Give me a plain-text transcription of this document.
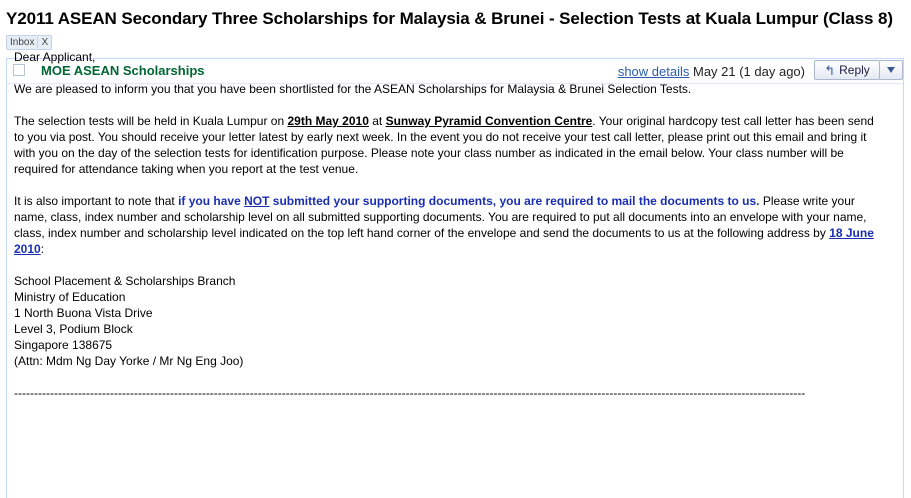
Y2011 ASEAN Secondary Three Scholarships for Malaysia & Brunei - Selection Tests at Kuala Lumpur (Class 8)
Inbox X
MOE ASEAN Scholarships	show details May 21 (1 day ago) ↰ Reply

Dear Applicant,

We are pleased to inform you that you have been shortlisted for the ASEAN Scholarships for Malaysia & Brunei Selection Tests.

The selection tests will be held in Kuala Lumpur on 29th May 2010 at Sunway Pyramid Convention Centre. Your original hardcopy test call letter has been send to you via post. You should receive your letter latest by early next week. In the event you do not receive your test call letter, please print out this email and bring it with you on the day of the selection tests for identification purpose. Please note your class number as indicated in the email below. Your class number will be required for attendance taking when you report at the test venue.

It is also important to note that if you have NOT submitted your supporting documents, you are required to mail the documents to us. Please write your name, class, index number and scholarship level on all submitted supporting documents. You are required to put all documents into an envelope with your name, class, index number and scholarship level indicated on the top left hand corner of the envelope and send the documents to us at the following address by 18 June 2010:

School Placement & Scholarships Branch

Ministry of Education

1 North Buona Vista Drive

Level 3, Podium Block

Singapore 138675

(Attn: Mdm Ng Day Yorke / Mr Ng Eng Joo)

------------------------------------------------------------------------------------------------------------------------------------------------------------------------------------------------------
